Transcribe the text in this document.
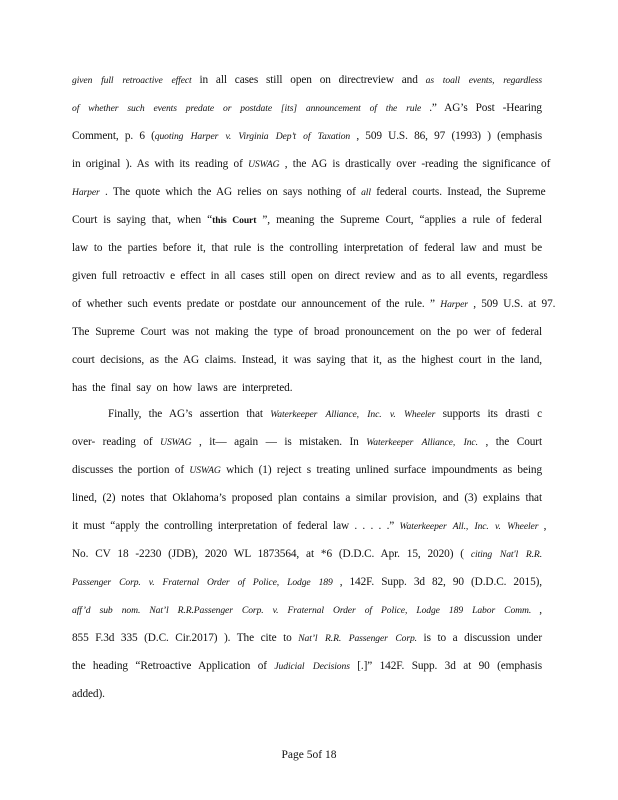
given full retroactive effect in all cases still open on directreview and as toall events, regardless
of whether such events predate or postdate [its] announcement of the rule .” AG’s Post -Hearing
Comment, p. 6 (quoting Harper v. Virginia Dep’t of Taxation , 509 U.S. 86, 97 (1993) ) (emphasis
in original ). As with its reading of USWAG , the AG is drastically over -reading the significance of
Harper . The quote which the AG relies on says nothing of all federal courts. Instead, the Supreme
Court is saying that, when “this Court ”, meaning the Supreme Court, “applies a rule of federal
law to the parties before it, that rule is the controlling interpretation of federal law and must be
given full retroactiv e effect in all cases still open on direct review and as to all events, regardless
of whether such events predate or postdate our announcement of the rule. ” Harper , 509 U.S. at 97.
The Supreme Court was not making the type of broad pronouncement on the po wer of federal
court decisions, as the AG claims. Instead, it was saying that it, as the highest court in the land,
has the final say on how laws are interpreted.
Finally, the AG’s assertion that Waterkeeper Alliance, Inc. v. Wheeler supports its drasti c
over- reading of USWAG , it— again — is mistaken. In Waterkeeper Alliance, Inc. , the Court
discusses the portion of USWAG which (1) reject s treating unlined surface impoundments as being
lined, (2) notes that Oklahoma’s proposed plan contains a similar provision, and (3) explains that
it must “apply the controlling interpretation of federal law . . . . .” Waterkeeper All., Inc. v. Wheeler ,
No. CV 18 -2230 (JDB), 2020 WL 1873564, at *6 (D.D.C. Apr. 15, 2020) ( citing Nat'l R.R.
Passenger Corp. v. Fraternal Order of Police, Lodge 189 , 142F. Supp. 3d 82, 90 (D.D.C. 2015),
aff’d sub nom. Nat’l R.R.Passenger Corp. v. Fraternal Order of Police, Lodge 189 Labor Comm. ,
855 F.3d 335 (D.C. Cir.2017) ). The cite to Nat’l R.R. Passenger Corp. is to a discussion under
the heading “Retroactive Application of Judicial Decisions [.]” 142F. Supp. 3d at 90 (emphasis
added).
Page 5of 18
